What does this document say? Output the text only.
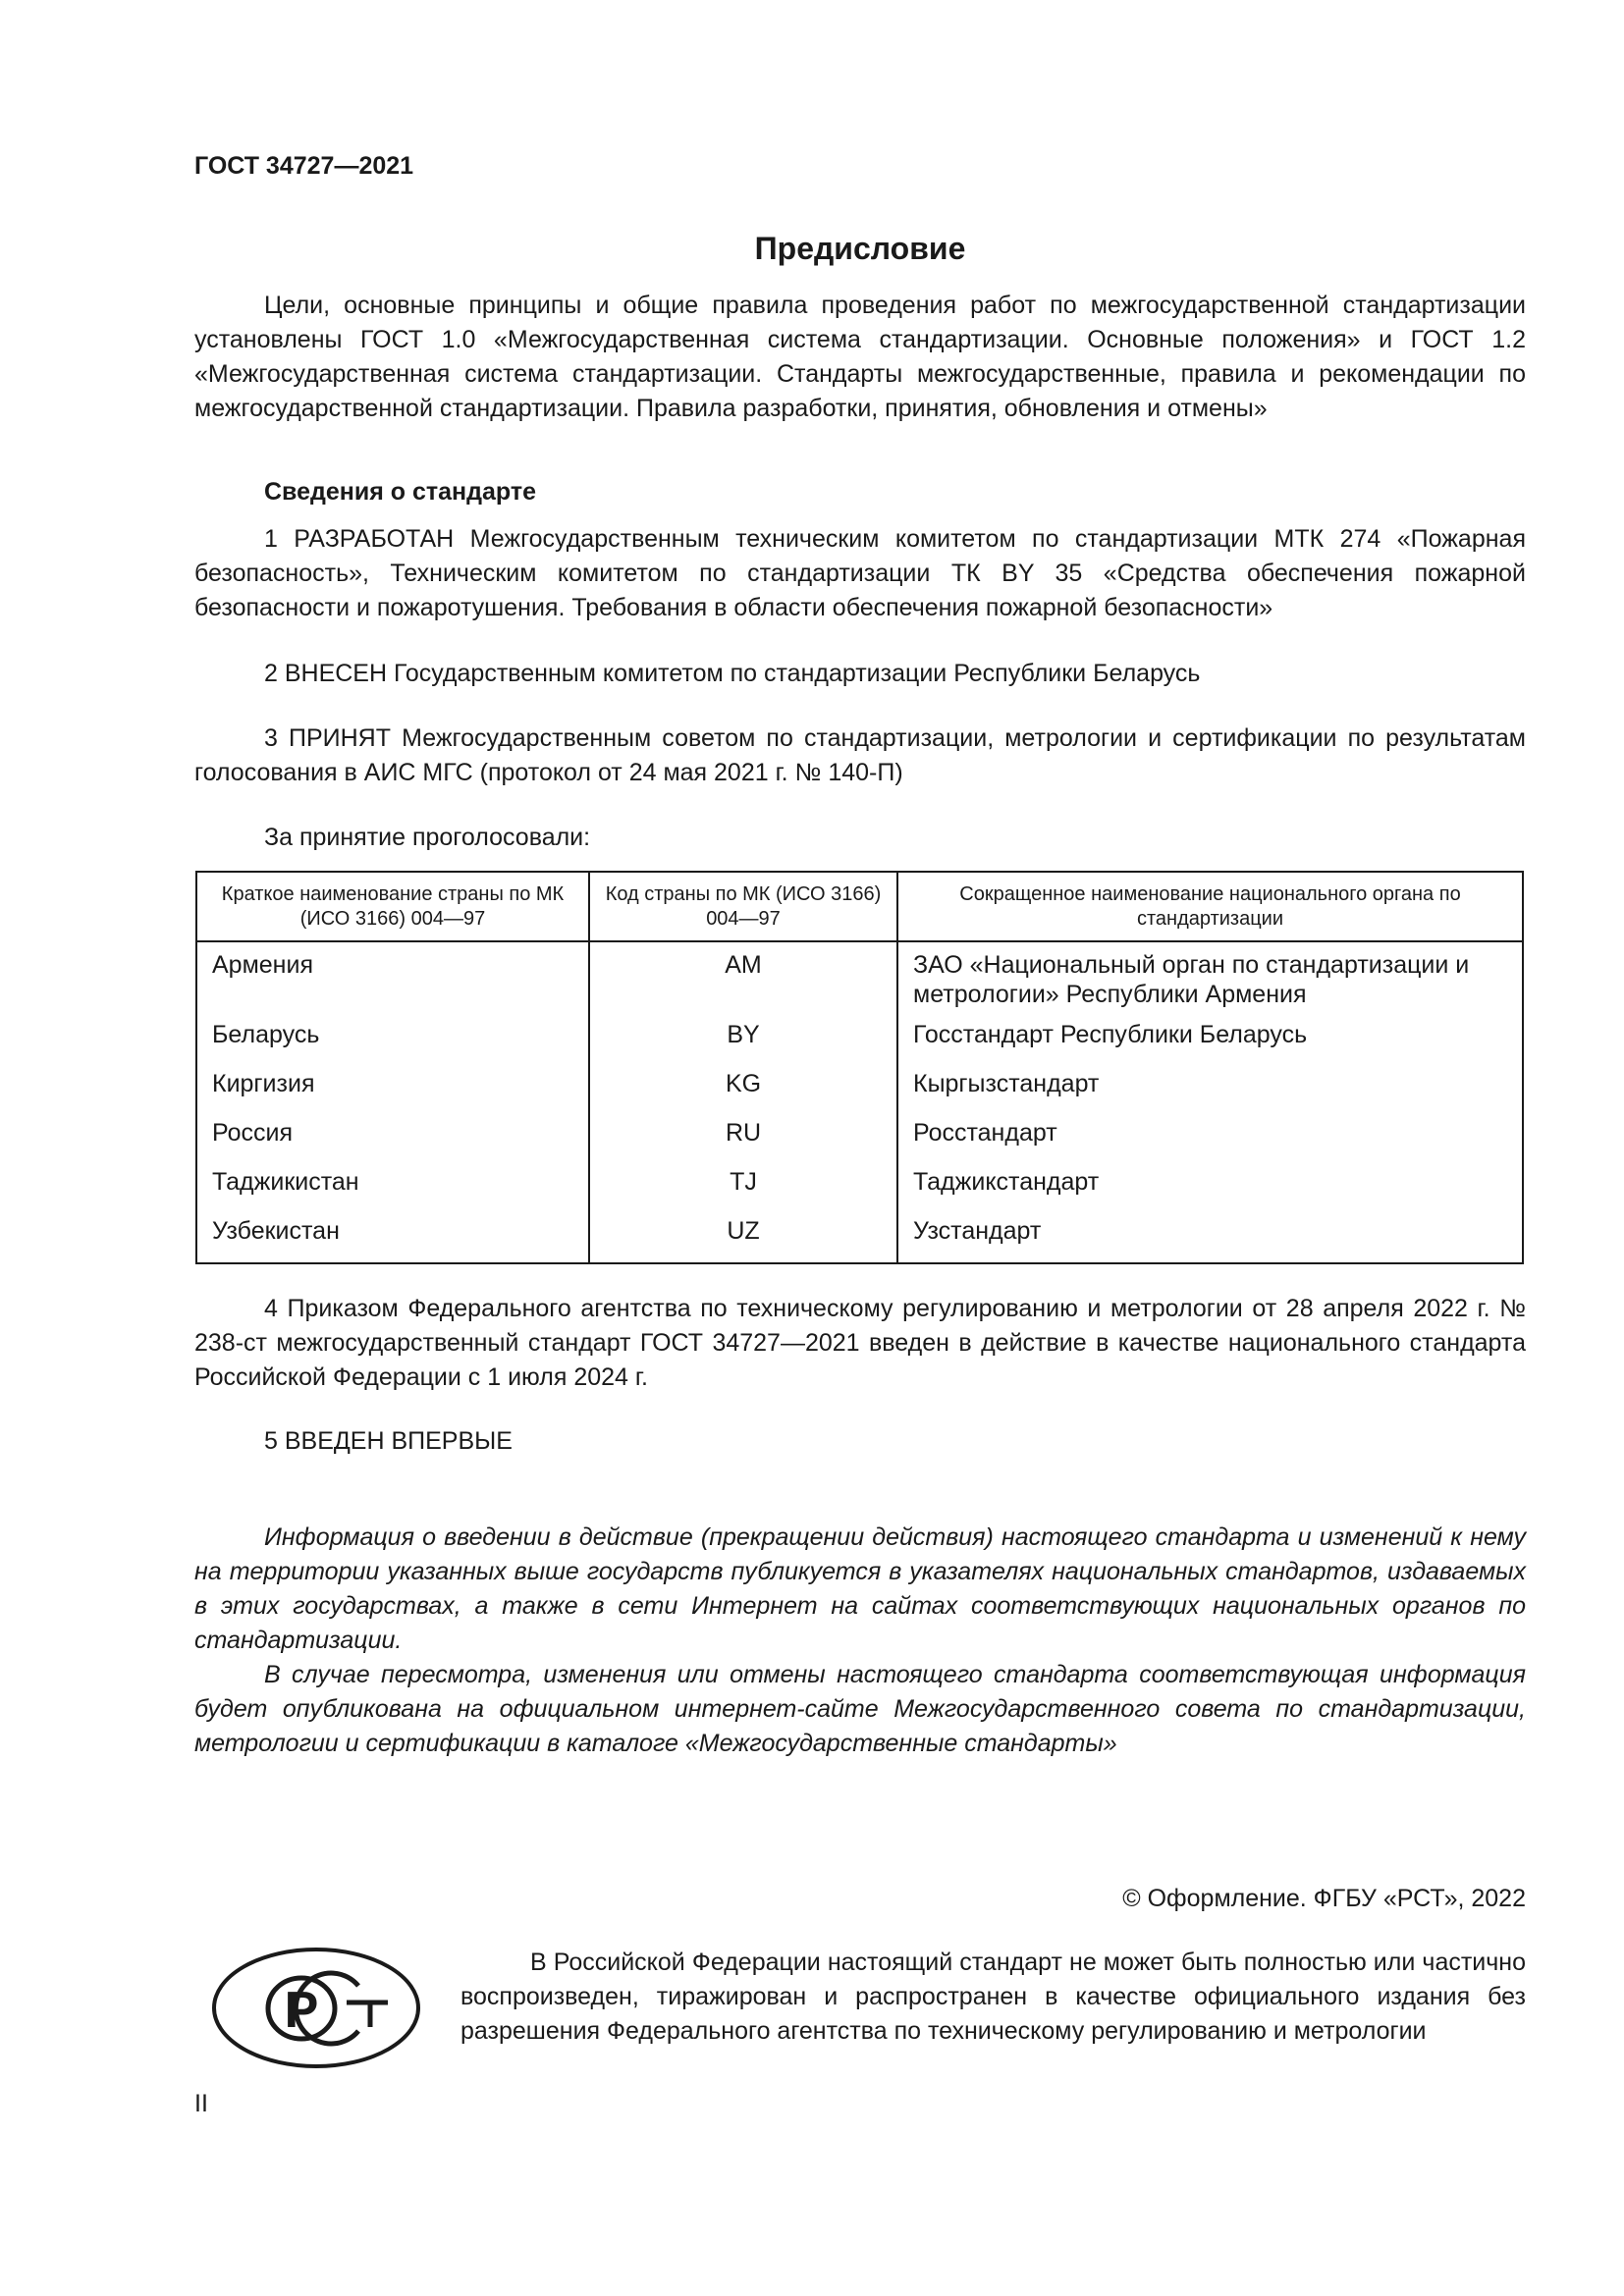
ГОСТ 34727—2021
Предисловие

Цели, основные принципы и общие правила проведения работ по межгосударственной стандартизации установлены ГОСТ 1.0 «Межгосударственная система стандартизации. Основные положения» и ГОСТ 1.2 «Межгосударственная система стандартизации. Стандарты межгосударственные, правила и рекомендации по межгосударственной стандартизации. Правила разработки, принятия, обновления и отмены»

Сведения о стандарте

1 РАЗРАБОТАН Межгосударственным техническим комитетом по стандартизации МТК 274 «Пожарная безопасность», Техническим комитетом по стандартизации ТК BY 35 «Средства обеспечения пожарной безопасности и пожаротушения. Требования в области обеспечения пожарной безопасности»

2 ВНЕСЕН Государственным комитетом по стандартизации Республики Беларусь

3 ПРИНЯТ Межгосударственным советом по стандартизации, метрологии и сертификации по результатам голосования в АИС МГС (протокол от 24 мая 2021 г. № 140-П)

За принятие проголосовали:
Краткое наименование страны по МК (ИСО 3166) 004—97	Код страны по МК (ИСО 3166) 004—97	Сокращенное наименование национального органа по стандартизации
Армения	AM	ЗАО «Национальный орган по стандартизации и метрологии» Республики Армения
Беларусь	BY	Госстандарт Республики Беларусь
Киргизия	KG	Кыргызстандарт
Россия	RU	Росстандарт
Таджикистан	TJ	Таджикстандарт
Узбекистан	UZ	Узстандарт

4 Приказом Федерального агентства по техническому регулированию и метрологии от 28 апреля 2022 г. № 238-ст межгосударственный стандарт ГОСТ 34727—2021 введен в действие в качестве национального стандарта Российской Федерации с 1 июля 2024 г.

5 ВВЕДЕН ВПЕРВЫЕ

Информация о введении в действие (прекращении действия) настоящего стандарта и изменений к нему на территории указанных выше государств публикуется в указателях национальных стандартов, издаваемых в этих государствах, а также в сети Интернет на сайтах соответствующих национальных органов по стандартизации.

В случае пересмотра, изменения или отмены настоящего стандарта соответствующая информация будет опубликована на официальном интернет-сайте Межгосударственного совета по стандартизации, метрологии и сертификации в каталоге «Межгосударственные стандарты»

© Оформление. ФГБУ «РСТ», 2022
Р

В Российской Федерации настоящий стандарт не может быть полностью или частично воспроизведен, тиражирован и распространен в качестве официального издания без разрешения Федерального агентства по техническому регулированию и метрологии

II
